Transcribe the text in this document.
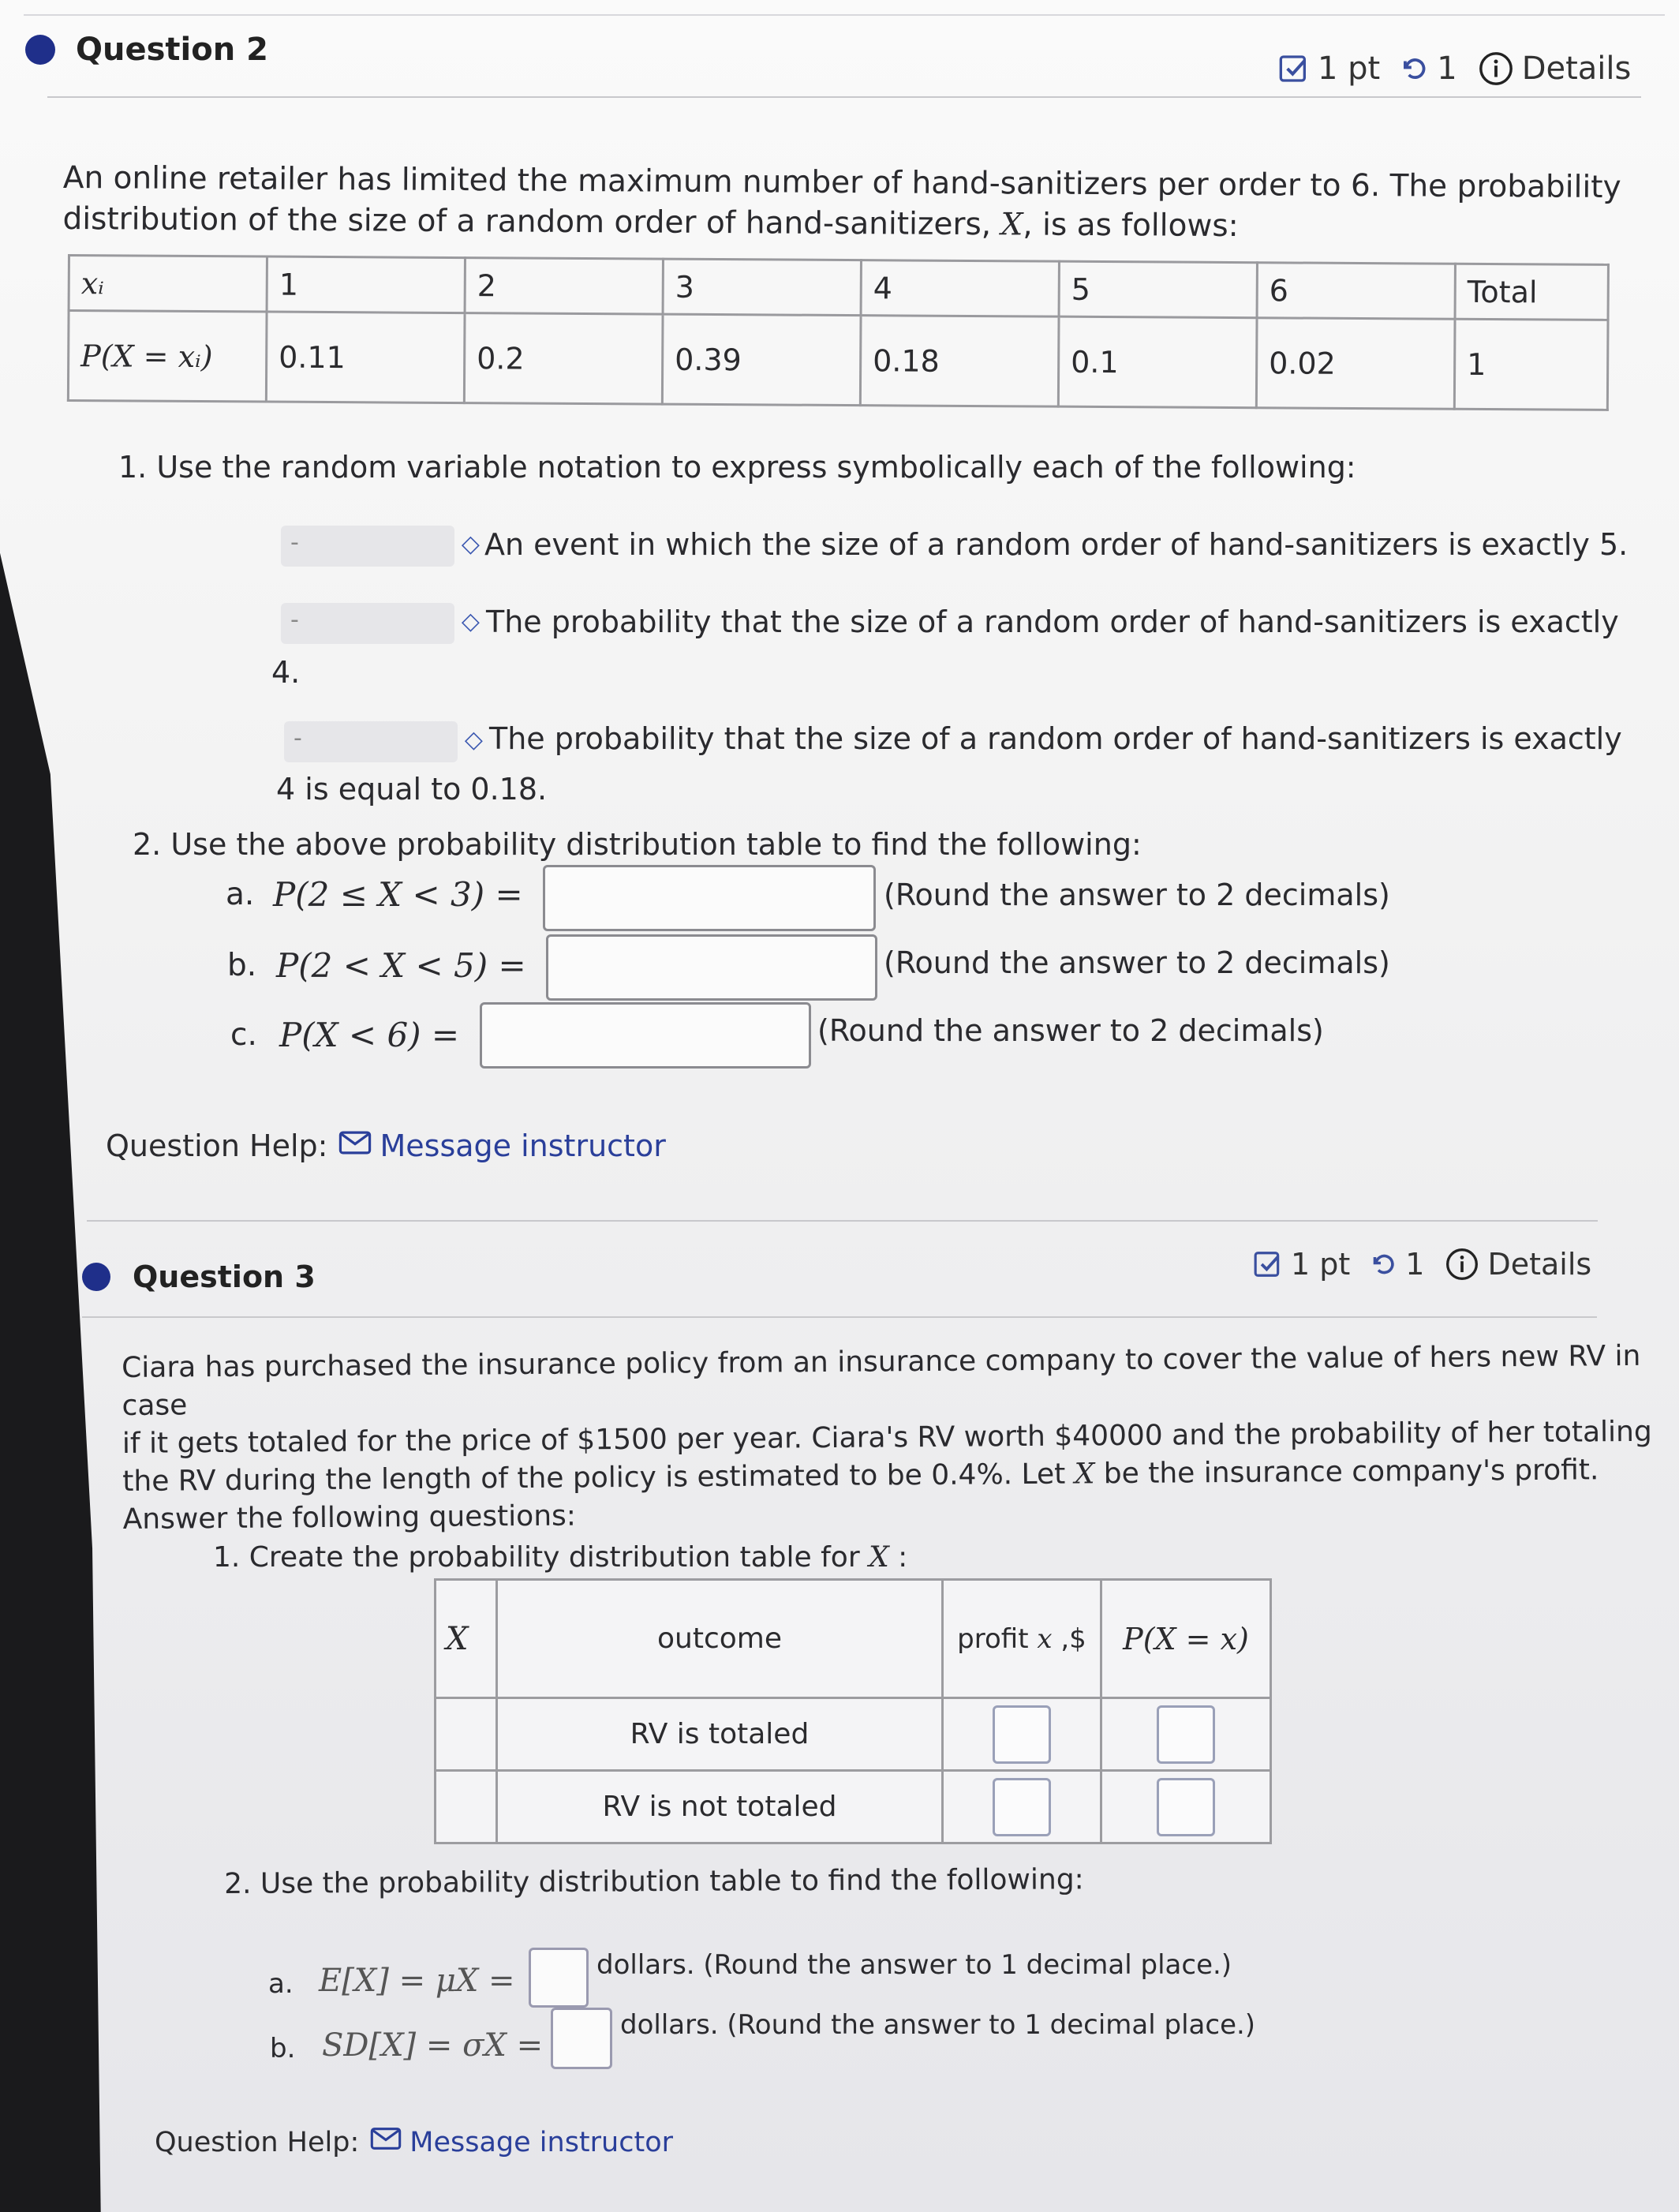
Question 2
1 pt 1 Details
An online retailer has limited the maximum number of hand-sanitizers per order to 6. The probability
distribution of the size of a random order of hand-sanitizers, X, is as follows:
xᵢ	1	2	3	4	5	6	Total
P(X = xᵢ)	0.11	0.2	0.39	0.18	0.1	0.02	1
1. Use the random variable notation to express symbolically each of the following:
-	◇ An event in which the size of a random order of hand-sanitizers is exactly 5.
-	◇ The probability that the size of a random order of hand-sanitizers is exactly
4.
-	◇ The probability that the size of a random order of hand-sanitizers is exactly
4 is equal to 0.18.
2. Use the above probability distribution table to find the following:
a. P(2 ≤ X < 3) =	(Round the answer to 2 decimals)
b. P(2 < X < 5) =	(Round the answer to 2 decimals)
c. P(X < 6) =	(Round the answer to 2 decimals)
Question Help: Message instructor
Question 3	1 pt 1 Details
Ciara has purchased the insurance policy from an insurance company to cover the value of hers new RV in case
if it gets totaled for the price of $1500 per year. Ciara's RV worth $40000 and the probability of her totaling
the RV during the length of the policy is estimated to be 0.4%. Let X be the insurance company's profit.
Answer the following questions:
1. Create the probability distribution table for X :
X	outcome	profit x ,$	P(X = x)
	RV is totaled	

	RV is not totaled	

2. Use the probability distribution table to find the following:
a. E[X] = μX =	dollars. (Round the answer to 1 decimal place.)
b. SD[X] = σX =
dollars. (Round the answer to 1 decimal place.)
Question Help: Message instructor
